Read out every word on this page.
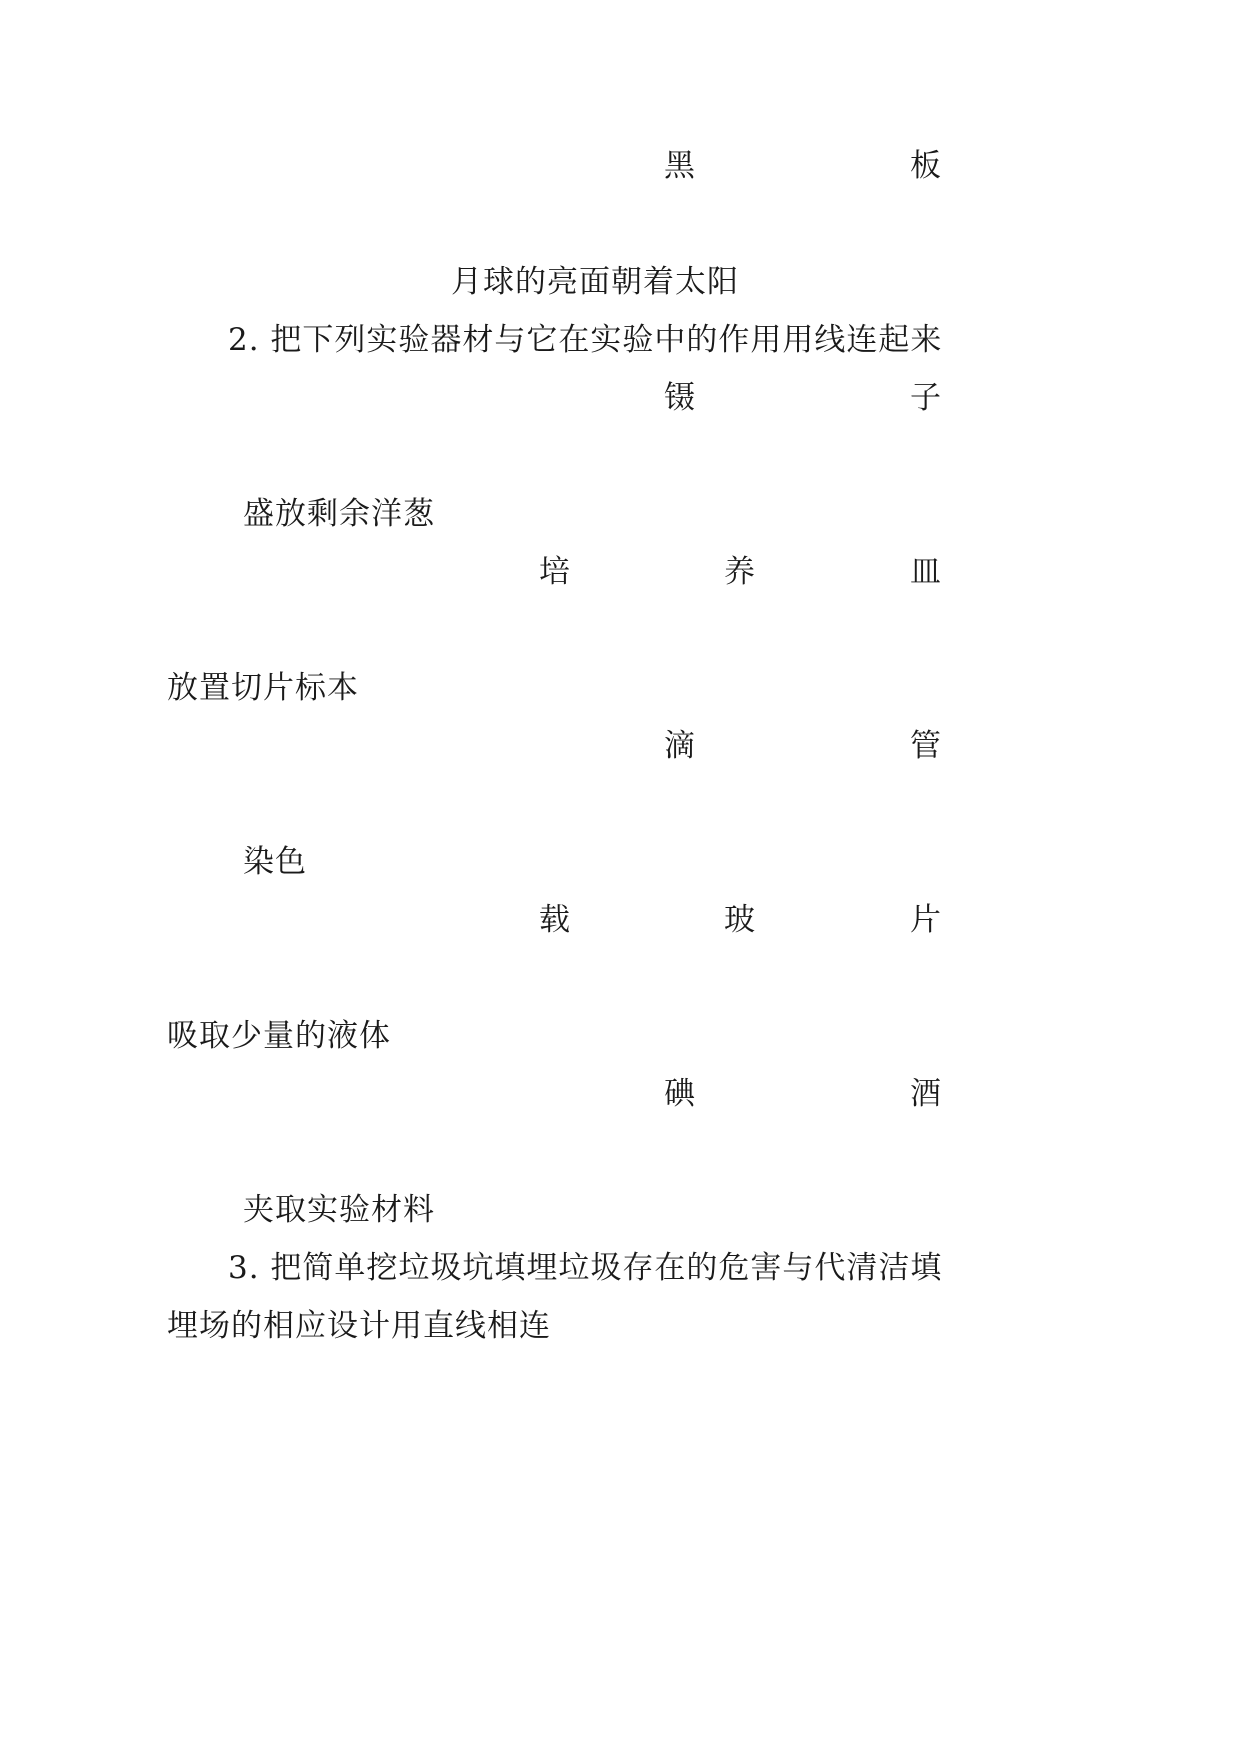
黑	板
月球的亮面朝着太阳
2. 把下列实验器材与它在实验中的作用用线连起来
镊	子
盛放剩余洋葱
培	养	皿
放置切片标本
滴	管
染色
载	玻	片
吸取少量的液体
碘	酒
夹取实验材料
3. 把简单挖垃圾坑填埋垃圾存在的危害与代清洁填
埋场的相应设计用直线相连
